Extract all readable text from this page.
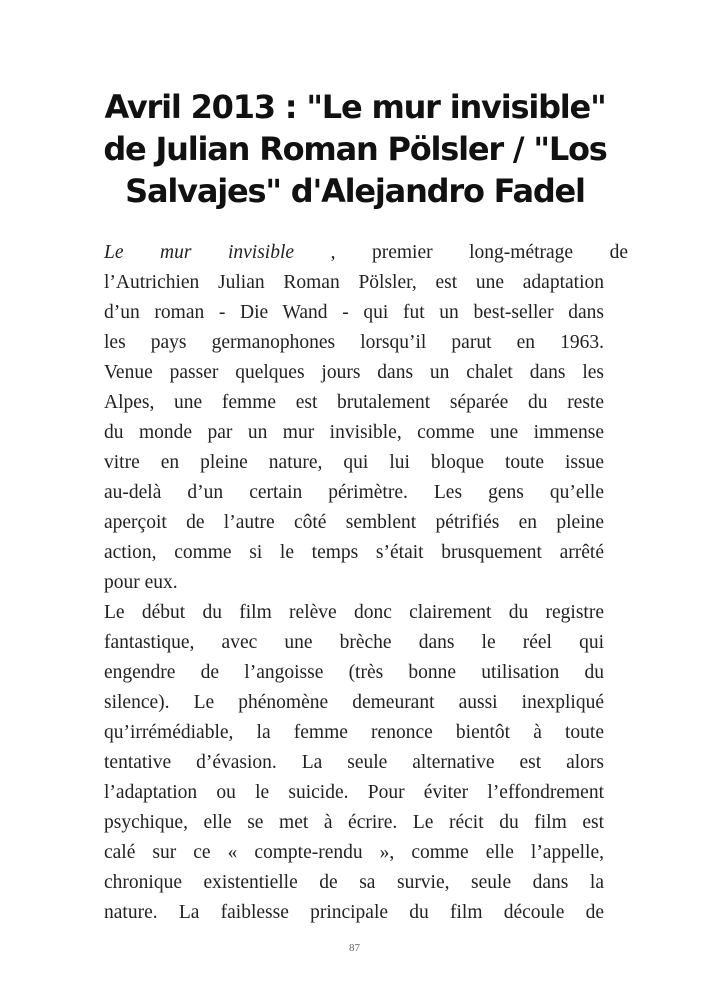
Avril 2013 : "Le mur invisible"
de Julian Roman Pölsler / "Los
Salvajes" d'Alejandro Fadel
Le mur invisible , premier long-métrage de
l’Autrichien Julian Roman Pölsler, est une adaptation
d’un roman - Die Wand - qui fut un best-seller dans
les pays germanophones lorsqu’il parut en 1963.
Venue passer quelques jours dans un chalet dans les
Alpes, une femme est brutalement séparée du reste
du monde par un mur invisible, comme une immense
vitre en pleine nature, qui lui bloque toute issue
au-delà d’un certain périmètre. Les gens qu’elle
aperçoit de l’autre côté semblent pétrifiés en pleine
action, comme si le temps s’était brusquement arrêté
pour eux.
Le début du film relève donc clairement du registre
fantastique, avec une brèche dans le réel qui
engendre de l’angoisse (très bonne utilisation du
silence). Le phénomène demeurant aussi inexpliqué
qu’irrémédiable, la femme renonce bientôt à toute
tentative d’évasion. La seule alternative est alors
l’adaptation ou le suicide. Pour éviter l’effondrement
psychique, elle se met à écrire. Le récit du film est
calé sur ce « compte-rendu », comme elle l’appelle,
chronique existentielle de sa survie, seule dans la
nature. La faiblesse principale du film découle de
87
